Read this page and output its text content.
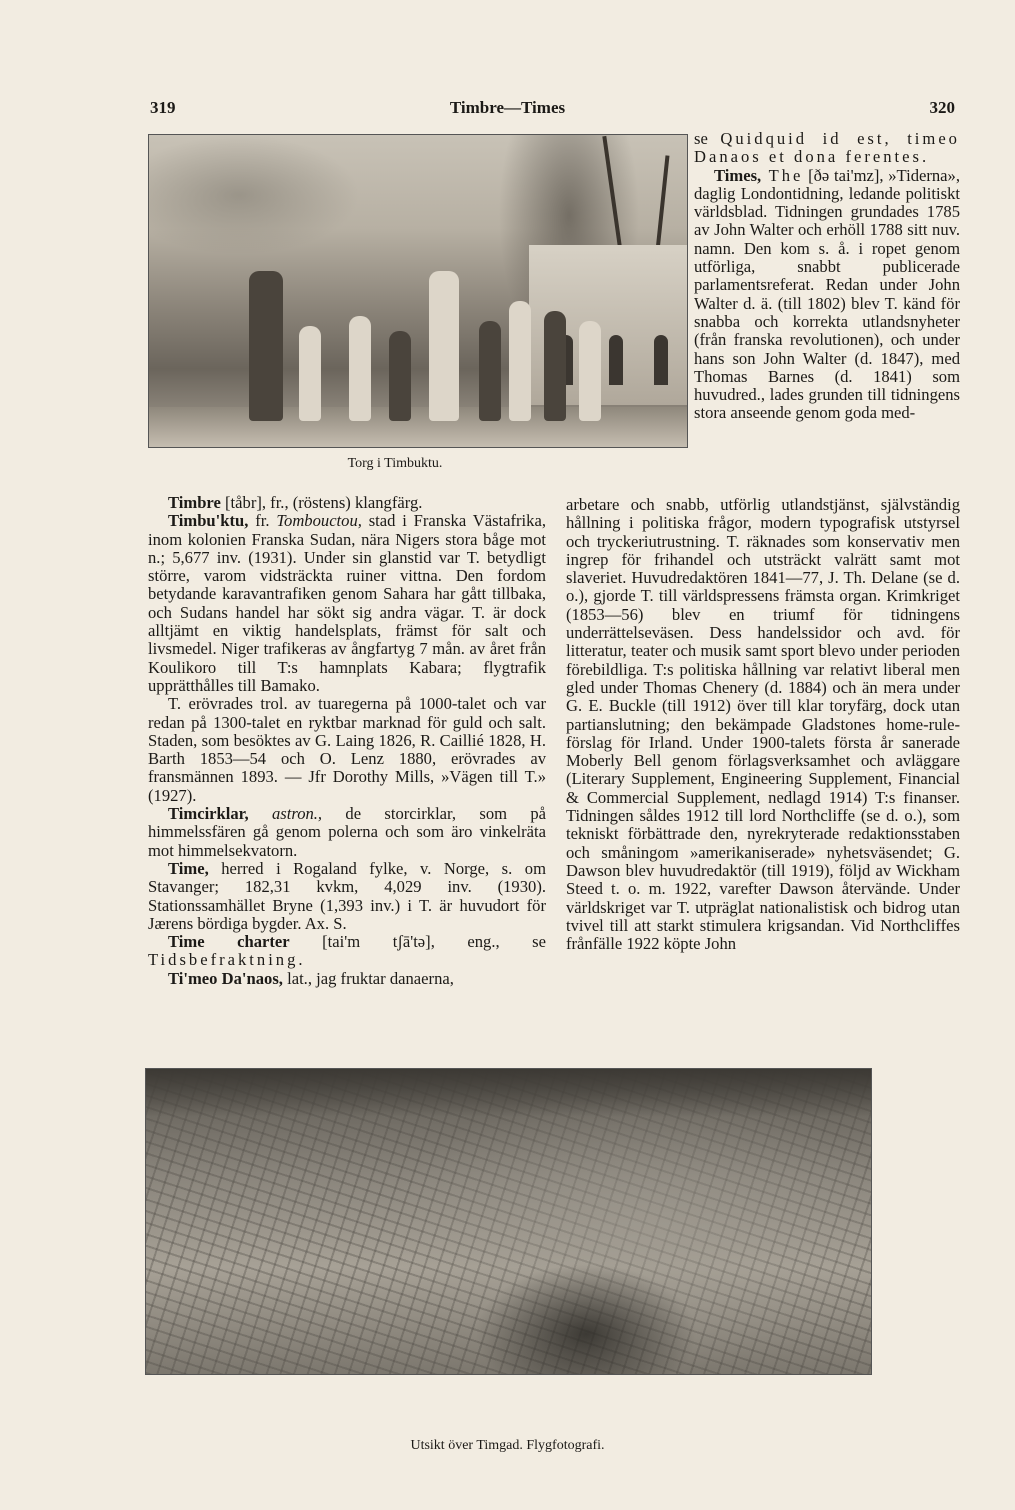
319	Timbre—Times	320
Torg i Timbuktu.

Timbre [tåbr], fr., (röstens) klangfärg.

Timbu'ktu, fr. Tombouctou, stad i Franska Västafrika, inom kolonien Franska Sudan, nära Nigers stora båge mot n.; 5,677 inv. (1931). Under sin glanstid var T. betydligt större, varom vidsträckta ruiner vittna. Den fordom betydande karavantrafiken genom Sahara har gått tillbaka, och Sudans handel har sökt sig andra vägar. T. är dock alltjämt en viktig handelsplats, främst för salt och livsmedel. Niger trafikeras av ångfartyg 7 mån. av året från Koulikoro till T:s hamnplats Kabara; flygtrafik upprätthålles till Bamako.

T. erövrades trol. av tuaregerna på 1000-talet och var redan på 1300-talet en ryktbar marknad för guld och salt. Staden, som besöktes av G. Laing 1826, R. Caillié 1828, H. Barth 1853—54 och O. Lenz 1880, erövrades av fransmännen 1893. — Jfr Dorothy Mills, »Vägen till T.» (1927).

Timcirklar, astron., de storcirklar, som på himmelssfären gå genom polerna och som äro vinkelräta mot himmelsekvatorn.

Time, herred i Rogaland fylke, v. Norge, s. om Stavanger; 182,31 kvkm, 4,029 inv. (1930). Stationssamhället Bryne (1,393 inv.) i T. är huvudort för Jærens bördiga bygder. Ax. S.

Time charter [tai'm tʃā'tə], eng., se Tidsbefraktning.

Ti'meo Da'naos, lat., jag fruktar danaerna,

se Quidquid id est, timeo Danaos et dona ferentes.

Times, The [ðə tai'mz], »Tiderna», daglig Londontidning, ledande politiskt världsblad. Tidningen grundades 1785 av John Walter och erhöll 1788 sitt nuv. namn. Den kom s. å. i ropet genom utförliga, snabbt publicerade parlamentsreferat. Redan under John Walter d. ä. (till 1802) blev T. känd för snabba och korrekta utlandsnyheter (från franska revolutionen), och under hans son John Walter (d. 1847), med Thomas Barnes (d. 1841) som huvudred., lades grunden till tidningens stora anseende genom goda med-

arbetare och snabb, utförlig utlandstjänst, självständig hållning i politiska frågor, modern typografisk utstyrsel och tryckeriutrustning. T. räknades som konservativ men ingrep för frihandel och utsträckt valrätt samt mot slaveriet. Huvudredaktören 1841—77, J. Th. Delane (se d. o.), gjorde T. till världspressens främsta organ. Krimkriget (1853—56) blev en triumf för tidningens underrättelseväsen. Dess handelssidor och avd. för litteratur, teater och musik samt sport blevo under perioden förebildliga. T:s politiska hållning var relativt liberal men gled under Thomas Chenery (d. 1884) och än mera under G. E. Buckle (till 1912) över till klar toryfärg, dock utan partianslutning; den bekämpade Gladstones home-rule-förslag för Irland. Under 1900-talets första år sanerade Moberly Bell genom förlagsverksamhet och avläggare (Literary Supplement, Engineering Supplement, Financial & Commercial Supplement, nedlagd 1914) T:s finanser. Tidningen såldes 1912 till lord Northcliffe (se d. o.), som tekniskt förbättrade den, nyrekryterade redaktionsstaben och småningom »amerikaniserade» nyhetsväsendet; G. Dawson blev huvudredaktör (till 1919), följd av Wickham Steed t. o. m. 1922, varefter Dawson återvände. Under världskriget var T. utpräglat nationalistisk och bidrog utan tvivel till att starkt stimulera krigsandan. Vid Northcliffes frånfälle 1922 köpte John

Utsikt över Timgad. Flygfotografi.
